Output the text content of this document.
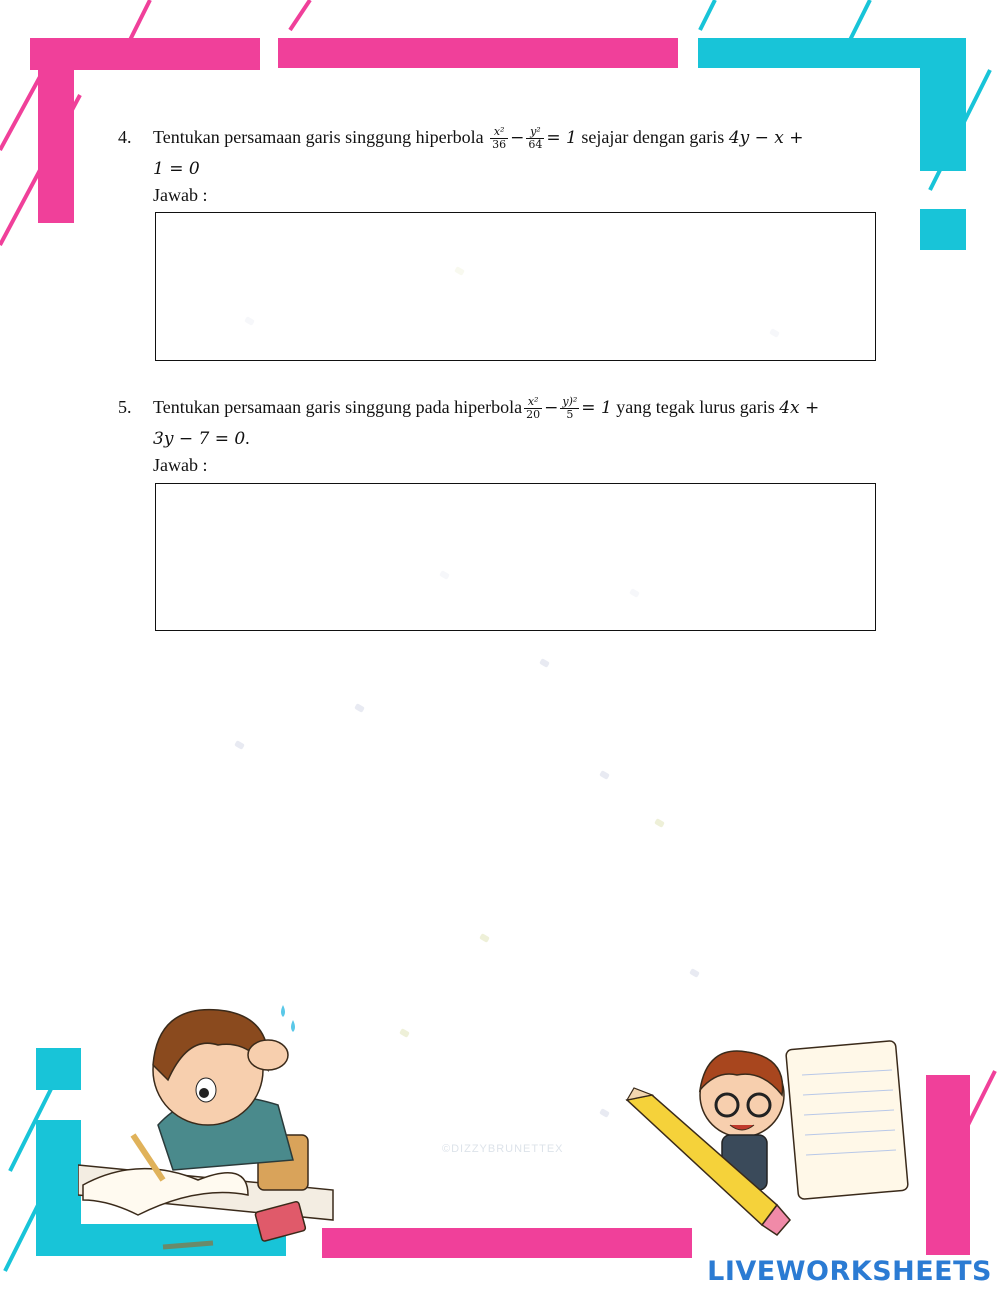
4. Tentukan persamaan garis singgung hiperbola $\frac{\text{x²}}{36} - \frac{\text{y²}}{64} = 1$ sejajar dengan garis 4y − x +
1 = 0
Jawab :
5. Tentukan persamaan garis singgung pada hiperbola $\frac{\text{x²}}{20} - \frac{\text{y)²}}{5} = 1$ yang tegak lurus garis 4x +
3y − 7 = 0.
Jawab :
©DIZZYBRUNETTEX
LIVEWORKSHEETS
